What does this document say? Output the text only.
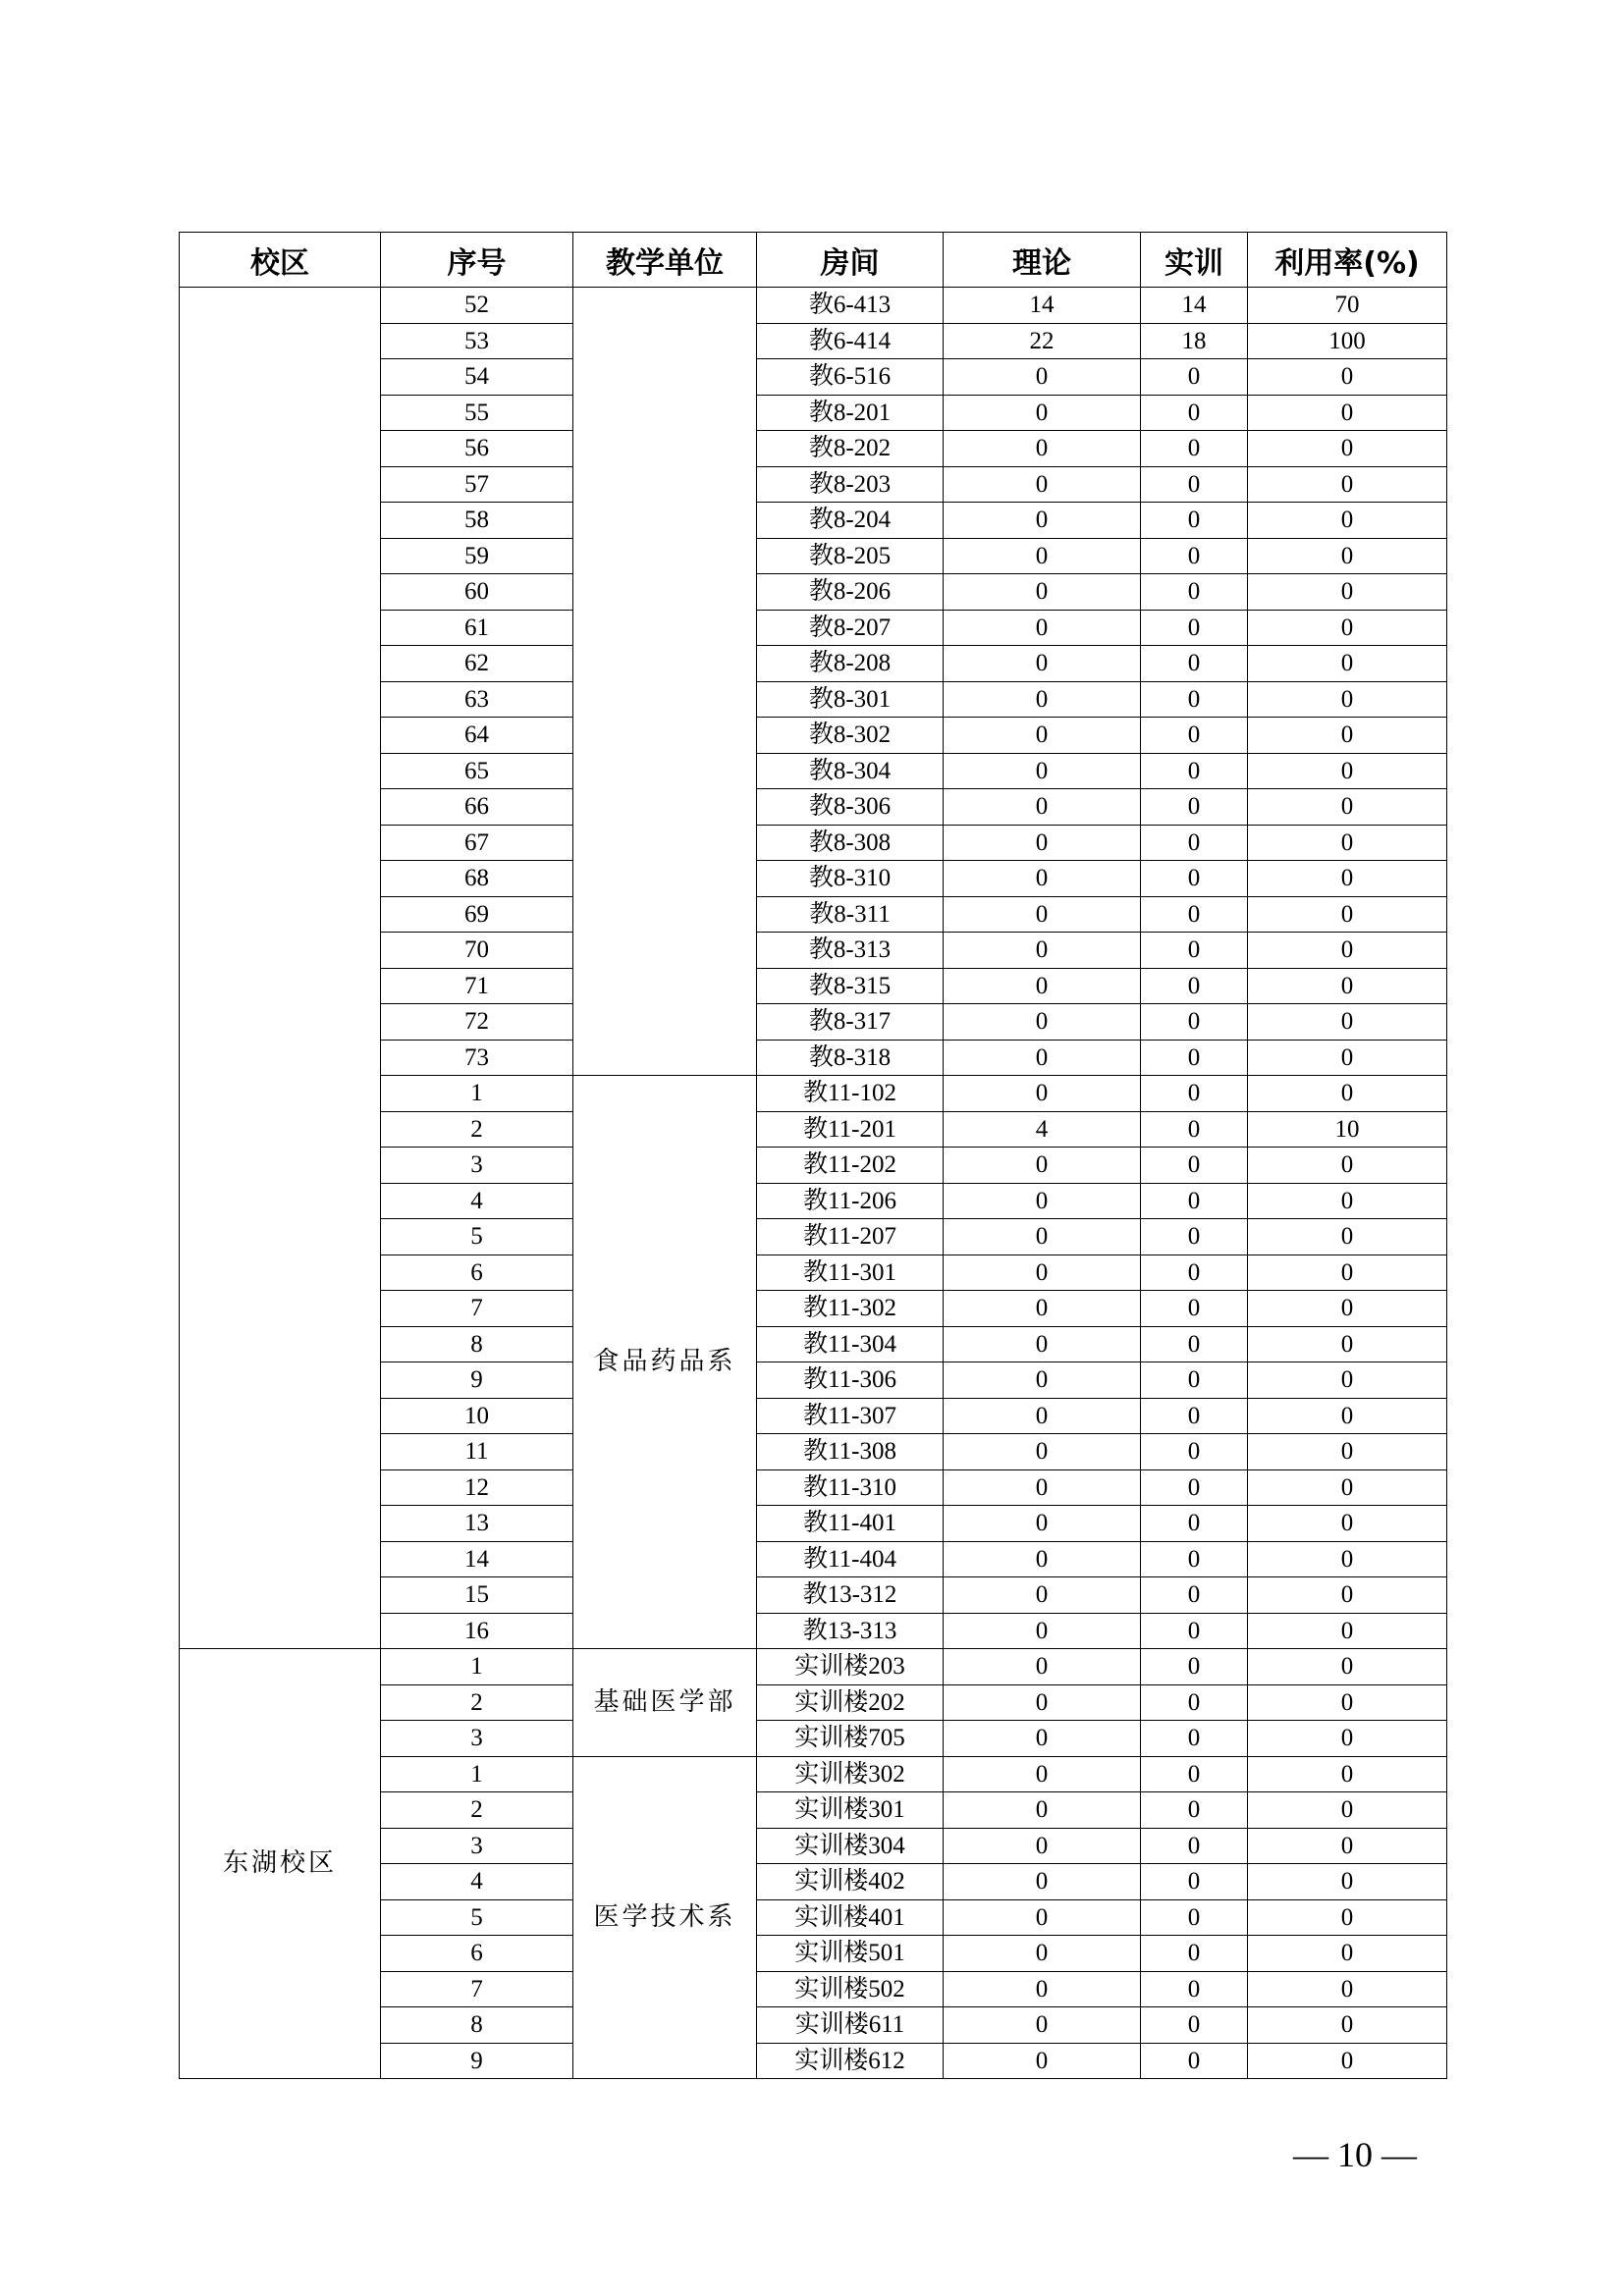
校区	序号	教学单位	房间	理论	实训	利用率(%)
	52		教6-413	14	14	70
	53		教6-414	22	18	100
	54		教6-516	0	0	0
	55		教8-201	0	0	0
	56		教8-202	0	0	0
	57		教8-203	0	0	0
	58		教8-204	0	0	0
	59		教8-205	0	0	0
	60		教8-206	0	0	0
	61		教8-207	0	0	0
	62		教8-208	0	0	0
	63		教8-301	0	0	0
	64		教8-302	0	0	0
	65		教8-304	0	0	0
	66		教8-306	0	0	0
	67		教8-308	0	0	0
	68		教8-310	0	0	0
	69		教8-311	0	0	0
	70		教8-313	0	0	0
	71		教8-315	0	0	0
	72		教8-317	0	0	0
	73		教8-318	0	0	0
	1	食品药品系	教11-102	0	0	0
	2		教11-201	4	0	10
	3		教11-202	0	0	0
	4		教11-206	0	0	0
	5		教11-207	0	0	0
	6		教11-301	0	0	0
	7		教11-302	0	0	0
	8		教11-304	0	0	0
	9		教11-306	0	0	0
	10		教11-307	0	0	0
	11		教11-308	0	0	0
	12		教11-310	0	0	0
	13		教11-401	0	0	0
	14		教11-404	0	0	0
	15		教13-312	0	0	0
	16		教13-313	0	0	0
东湖校区	1	基础医学部	实训楼203	0	0	0
	2		实训楼202	0	0	0
	3		实训楼705	0	0	0
	1	医学技术系	实训楼302	0	0	0
	2		实训楼301	0	0	0
	3		实训楼304	0	0	0
	4		实训楼402	0	0	0
	5		实训楼401	0	0	0
	6		实训楼501	0	0	0
	7		实训楼502	0	0	0
	8		实训楼611	0	0	0
	9		实训楼612	0	0	0
— 10 —
